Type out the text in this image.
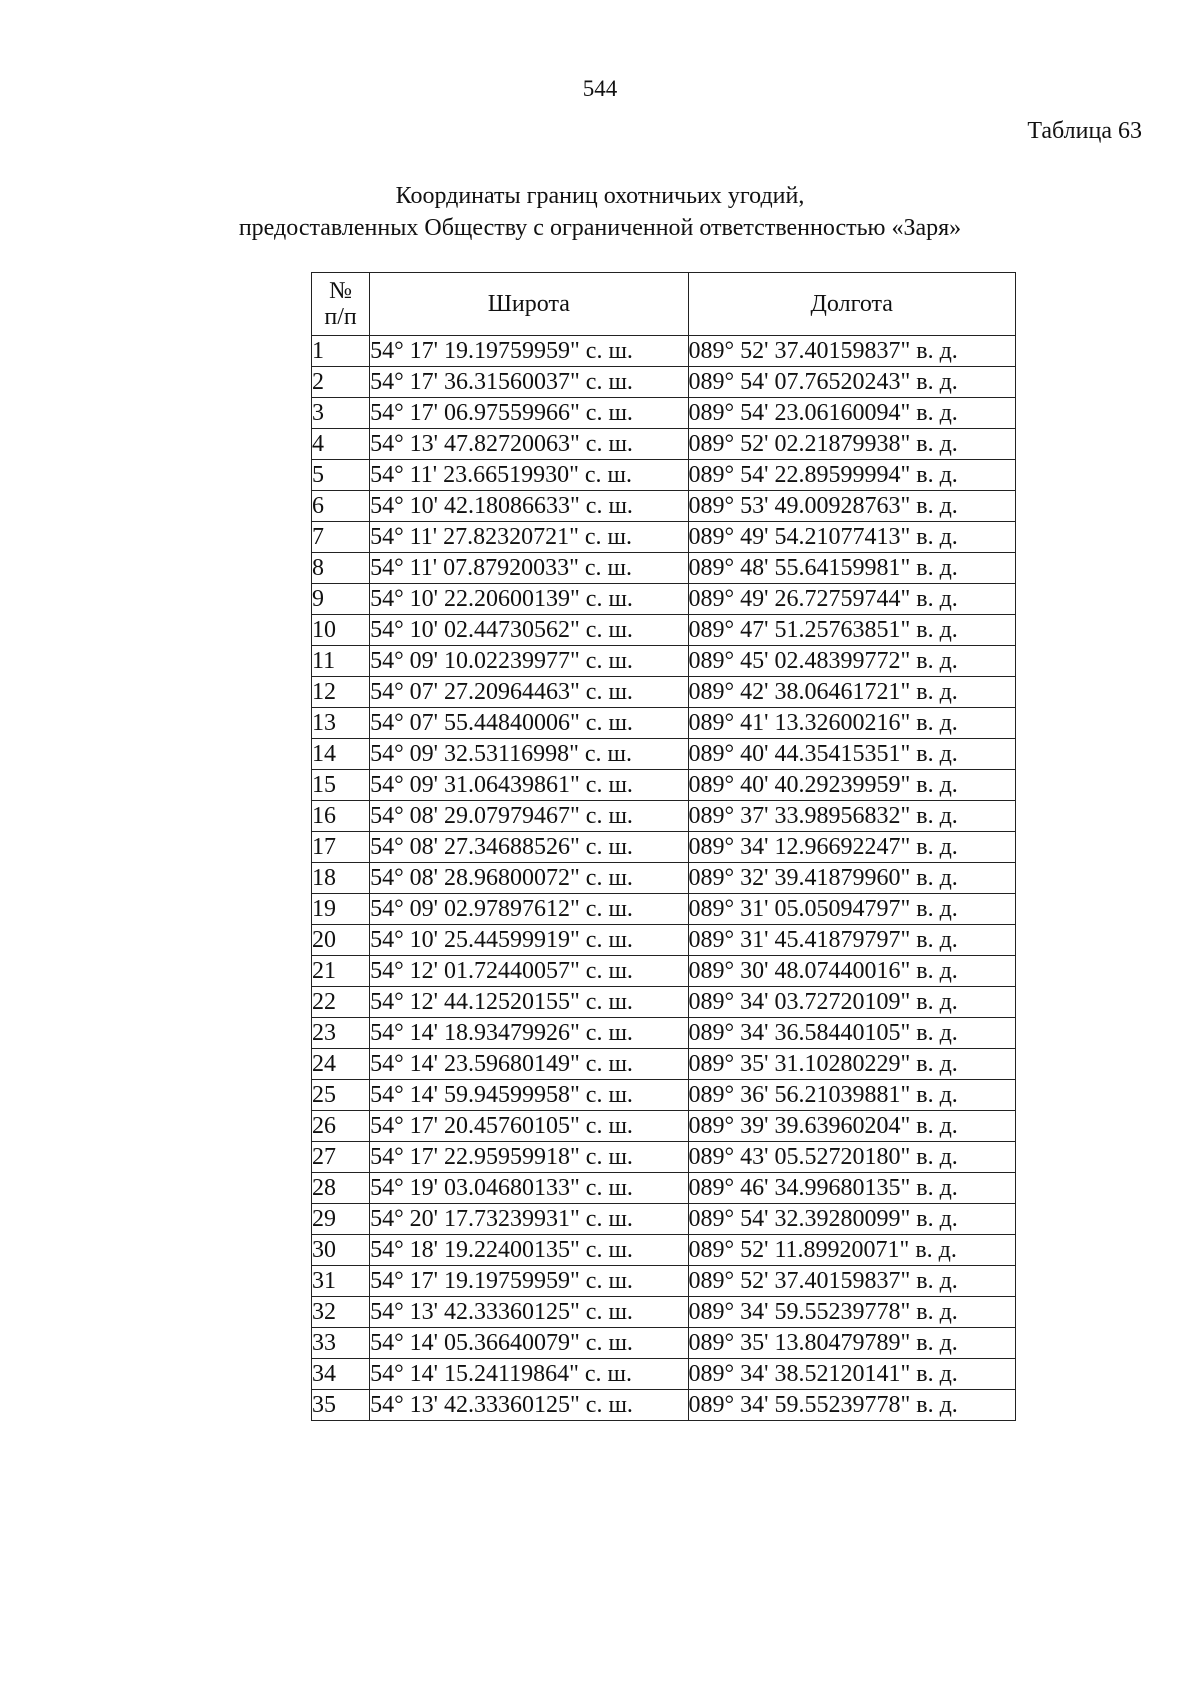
544
Таблица 63
Координаты границ охотничьих угодий,
предоставленных Обществу с ограниченной ответственностью «Заря»
№
п/п	Широта	Долгота
1	54° 17' 19.19759959" с. ш.	089° 52' 37.40159837" в. д.
2	54° 17' 36.31560037" с. ш.	089° 54' 07.76520243" в. д.
3	54° 17' 06.97559966" с. ш.	089° 54' 23.06160094" в. д.
4	54° 13' 47.82720063" с. ш.	089° 52' 02.21879938" в. д.
5	54° 11' 23.66519930" с. ш.	089° 54' 22.89599994" в. д.
6	54° 10' 42.18086633" с. ш.	089° 53' 49.00928763" в. д.
7	54° 11' 27.82320721" с. ш.	089° 49' 54.21077413" в. д.
8	54° 11' 07.87920033" с. ш.	089° 48' 55.64159981" в. д.
9	54° 10' 22.20600139" с. ш.	089° 49' 26.72759744" в. д.
10	54° 10' 02.44730562" с. ш.	089° 47' 51.25763851" в. д.
11	54° 09' 10.02239977" с. ш.	089° 45' 02.48399772" в. д.
12	54° 07' 27.20964463" с. ш.	089° 42' 38.06461721" в. д.
13	54° 07' 55.44840006" с. ш.	089° 41' 13.32600216" в. д.
14	54° 09' 32.53116998" с. ш.	089° 40' 44.35415351" в. д.
15	54° 09' 31.06439861" с. ш.	089° 40' 40.29239959" в. д.
16	54° 08' 29.07979467" с. ш.	089° 37' 33.98956832" в. д.
17	54° 08' 27.34688526" с. ш.	089° 34' 12.96692247" в. д.
18	54° 08' 28.96800072" с. ш.	089° 32' 39.41879960" в. д.
19	54° 09' 02.97897612" с. ш.	089° 31' 05.05094797" в. д.
20	54° 10' 25.44599919" с. ш.	089° 31' 45.41879797" в. д.
21	54° 12' 01.72440057" с. ш.	089° 30' 48.07440016" в. д.
22	54° 12' 44.12520155" с. ш.	089° 34' 03.72720109" в. д.
23	54° 14' 18.93479926" с. ш.	089° 34' 36.58440105" в. д.
24	54° 14' 23.59680149" с. ш.	089° 35' 31.10280229" в. д.
25	54° 14' 59.94599958" с. ш.	089° 36' 56.21039881" в. д.
26	54° 17' 20.45760105" с. ш.	089° 39' 39.63960204" в. д.
27	54° 17' 22.95959918" с. ш.	089° 43' 05.52720180" в. д.
28	54° 19' 03.04680133" с. ш.	089° 46' 34.99680135" в. д.
29	54° 20' 17.73239931" с. ш.	089° 54' 32.39280099" в. д.
30	54° 18' 19.22400135" с. ш.	089° 52' 11.89920071" в. д.
31	54° 17' 19.19759959" с. ш.	089° 52' 37.40159837" в. д.
32	54° 13' 42.33360125" с. ш.	089° 34' 59.55239778" в. д.
33	54° 14' 05.36640079" с. ш.	089° 35' 13.80479789" в. д.
34	54° 14' 15.24119864" с. ш.	089° 34' 38.52120141" в. д.
35	54° 13' 42.33360125" с. ш.	089° 34' 59.55239778" в. д.
